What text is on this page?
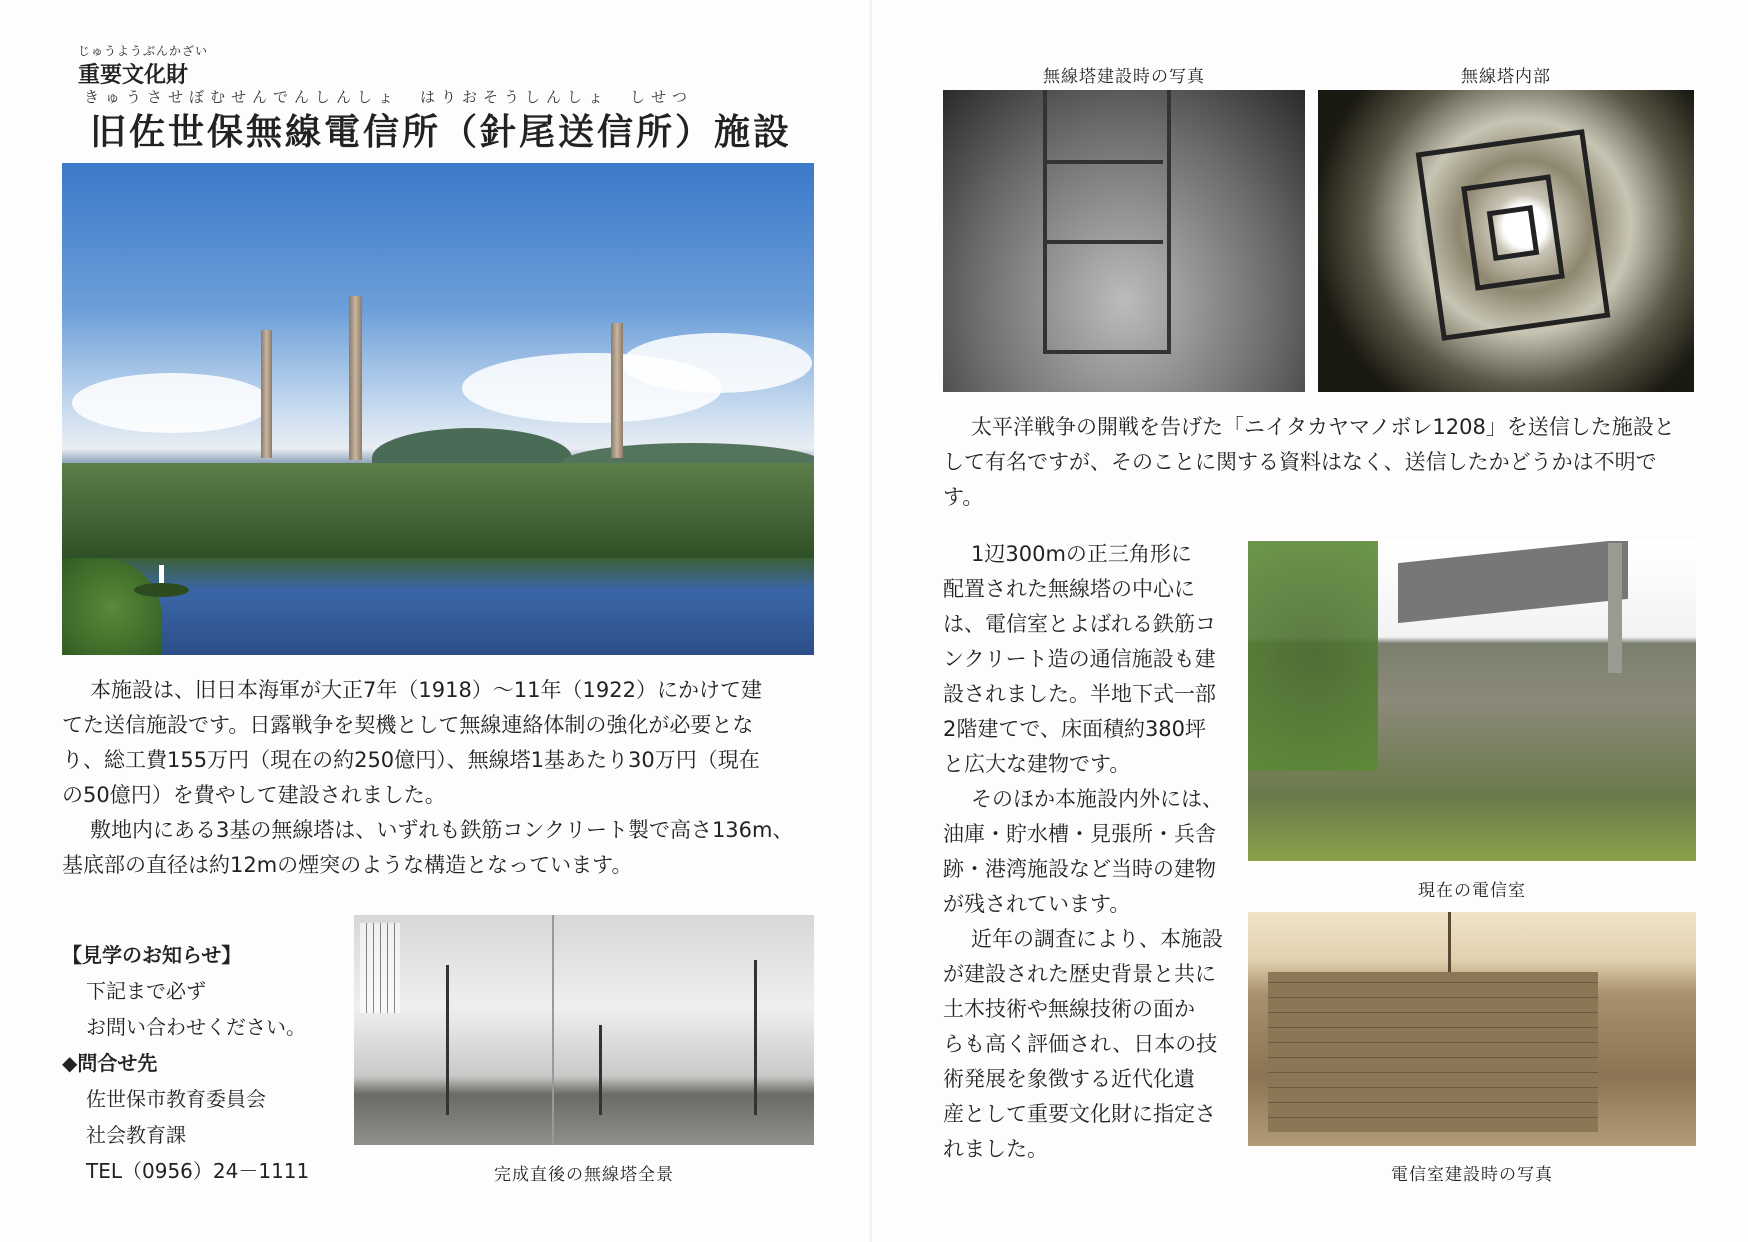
じゅうようぶんかざい
重要文化財
きゅうさせぼむせんでんしんしょ　はりおそうしんしょ　しせつ
旧佐世保無線電信所（針尾送信所）施設
本施設は、旧日本海軍が大正7年（1918）～11年（1922）にかけて建
てた送信施設です。日露戦争を契機として無線連絡体制の強化が必要とな
り、総工費155万円（現在の約250億円）、無線塔1基あたり30万円（現在
の50億円）を費やして建設されました。
敷地内にある3基の無線塔は、いずれも鉄筋コンクリート製で高さ136m、
基底部の直径は約12mの煙突のような構造となっています。
【見学のお知らせ】
下記まで必ず
お問い合わせください。
◆問合せ先
佐世保市教育委員会
社会教育課
TEL（0956）24－1111	完成直後の無線塔全景
無線塔建設時の写真	無線塔内部
太平洋戦争の開戦を告げた「ニイタカヤマノボレ1208」を送信した施設と
して有名ですが、そのことに関する資料はなく、送信したかどうかは不明で
す。
1辺300mの正三角形に
配置された無線塔の中心に
は、電信室とよばれる鉄筋コ
ンクリート造の通信施設も建
設されました。半地下式一部
2階建てで、床面積約380坪
と広大な建物です。
そのほか本施設内外には、
油庫・貯水槽・見張所・兵舎
跡・港湾施設など当時の建物
が残されています。
近年の調査により、本施設
が建設された歴史背景と共に
土木技術や無線技術の面か
らも高く評価され、日本の技
術発展を象徴する近代化遺
産として重要文化財に指定さ
れました。
現在の電信室
電信室建設時の写真
